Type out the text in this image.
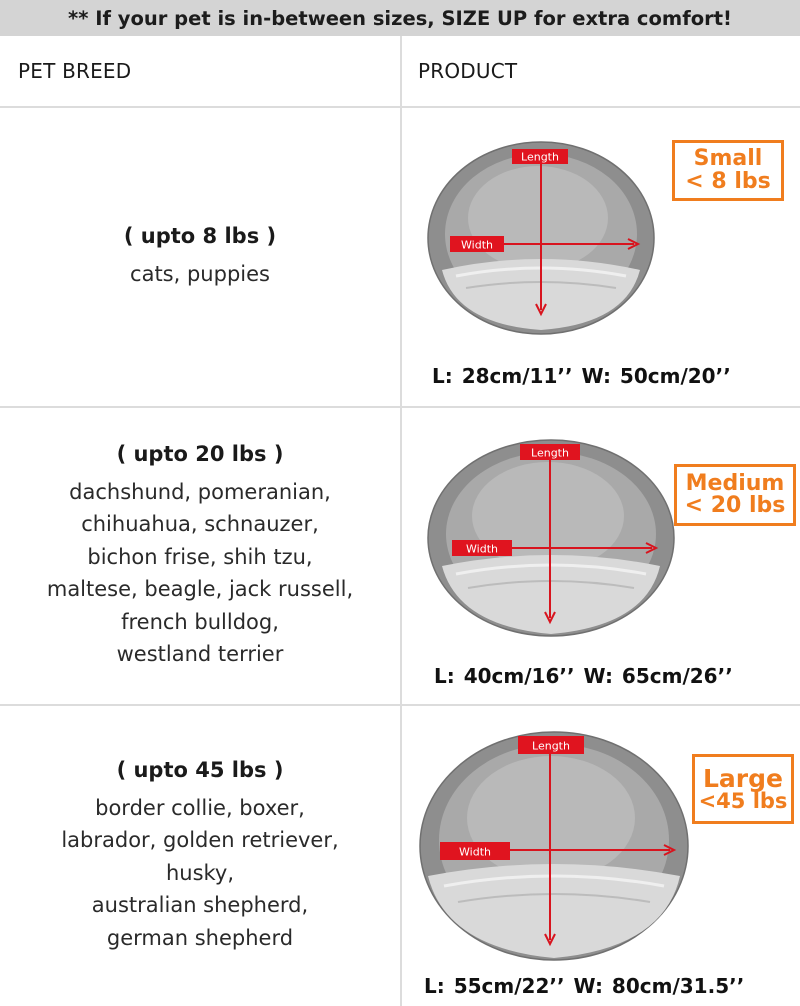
** If your pet is in-between sizes, SIZE UP for extra comfort!
PET BREED	PRODUCT
( upto 8 lbs )
cats, puppies
Length
Width
Small
< 8 lbs
L: 28cm/11’’ W: 50cm/20’’
( upto 20 lbs )
dachshund, pomeranian,
chihuahua, schnauzer,
bichon frise, shih tzu,
maltese, beagle, jack russell,
french bulldog,
westland terrier
Length
Width
Medium
< 20 lbs
L: 40cm/16’’ W: 65cm/26’’
( upto 45 lbs )
border collie, boxer,
labrador, golden retriever,
husky,
australian shepherd,
german shepherd
Length
Width
Large
<45 lbs
L: 55cm/22’’ W: 80cm/31.5’’
